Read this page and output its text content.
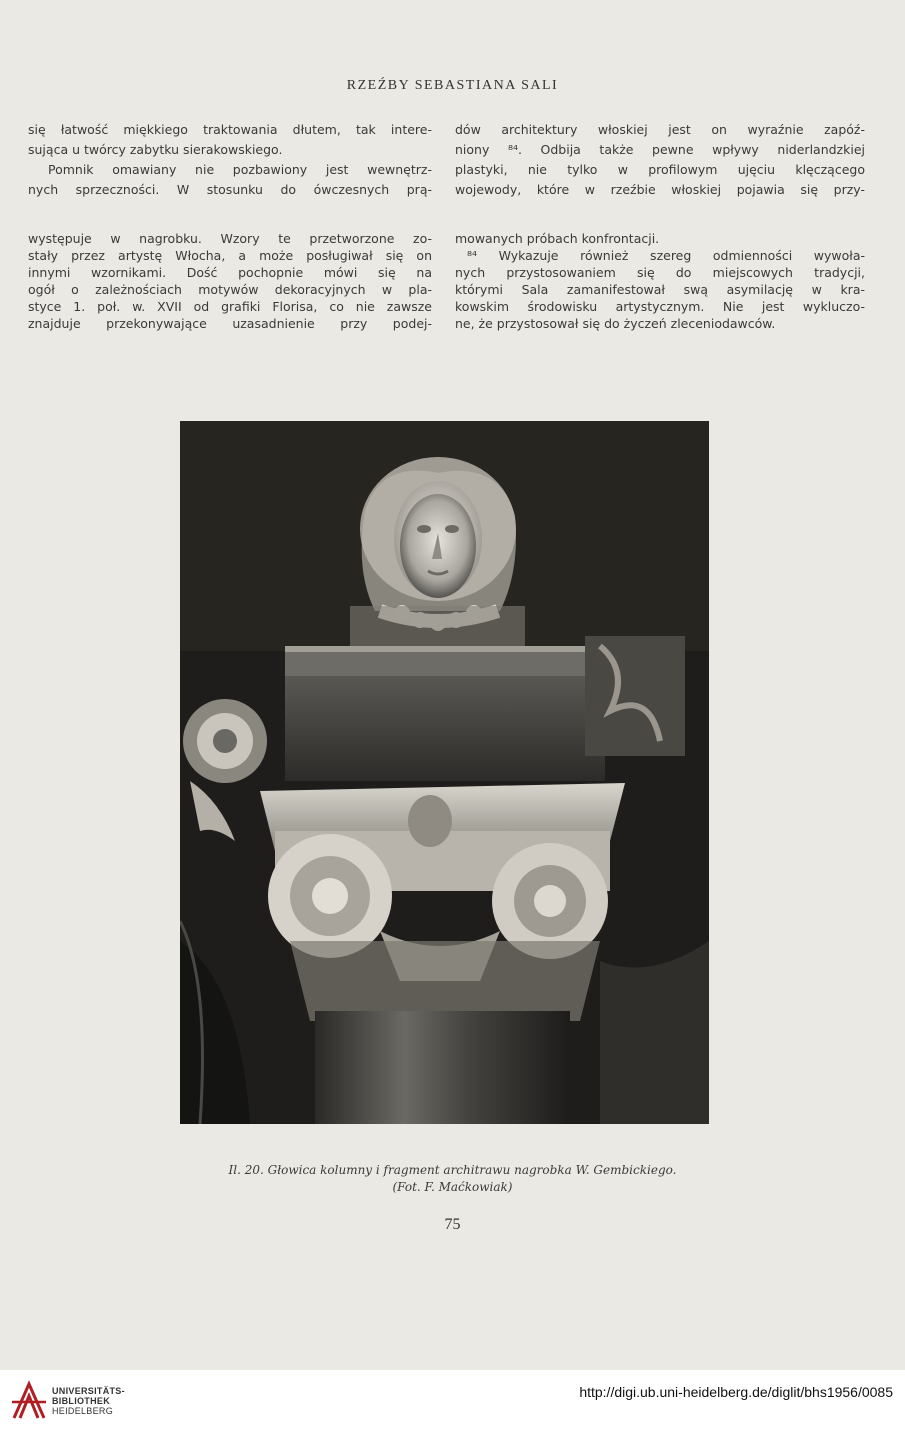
RZEŹBY SEBASTIANA SALI
się łatwość miękkiego traktowania dłutem, tak intere-
sująca u twórcy zabytku sierakowskiego.
Pomnik omawiany nie pozbawiony jest wewnętrz-
nych sprzeczności. W stosunku do ówczesnych prą-
występuje w nagrobku. Wzory te przetworzone zo-
stały przez artystę Włocha, a może posługiwał się on
innymi wzornikami. Dość pochopnie mówi się na
ogół o zależnościach motywów dekoracyjnych w pla-
styce 1. poł. w. XVII od grafiki Florisa, co nie zawsze
znajduje przekonywające uzasadnienie przy podej-
dów architektury włoskiej jest on wyraźnie zapóź-
niony ⁸⁴. Odbija także pewne wpływy niderlandzkiej
plastyki, nie tylko w profilowym ujęciu klęczącego
wojewody, które w rzeźbie włoskiej pojawia się przy-
mowanych próbach konfrontacji.
⁸⁴ Wykazuje również szereg odmienności wywoła-
nych przystosowaniem się do miejscowych tradycji,
którymi Sala zamanifestował swą asymilację w kra-
kowskim środowisku artystycznym. Nie jest wykluczo-
ne, że przystosował się do życzeń zleceniodawców.
Il. 20. Głowica kolumny i fragment architrawu nagrobka W. Gembickiego.
(Fot. F. Maćkowiak)
75
UNIVERSITÄTS-
BIBLIOTHEK
HEIDELBERG
http://digi.ub.uni-heidelberg.de/diglit/bhs1956/0085
